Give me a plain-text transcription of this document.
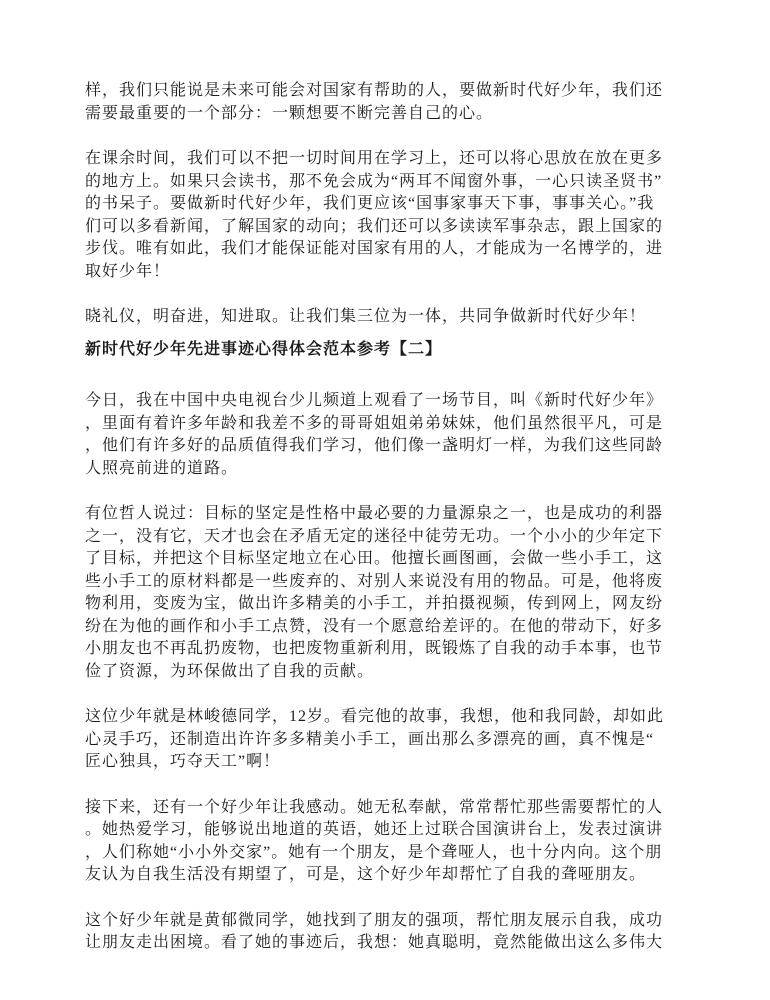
样，我们只能说是未来可能会对国家有帮助的人，要做新时代好少年，我们还需要最重要的一个部分：一颗想要不断完善自己的心。

在课余时间，我们可以不把一切时间用在学习上，还可以将心思放在放在更多的地方上。如果只会读书，那不免会成为“两耳不闻窗外事，一心只读圣贤书”的书呆子。要做新时代好少年，我们更应该“国事家事天下事，事事关心。”我们可以多看新闻，了解国家的动向；我们还可以多读读军事杂志，跟上国家的步伐。唯有如此，我们才能保证能对国家有用的人，才能成为一名博学的，进取好少年！

晓礼仪，明奋进，知进取。让我们集三位为一体，共同争做新时代好少年！

新时代好少年先进事迹心得体会范本参考【二】

今日，我在中国中央电视台少儿频道上观看了一场节目，叫《新时代好少年》，里面有着许多年龄和我差不多的哥哥姐姐弟弟妹妹，他们虽然很平凡，可是，他们有许多好的品质值得我们学习，他们像一盏明灯一样，为我们这些同龄人照亮前进的道路。

有位哲人说过：目标的坚定是性格中最必要的力量源泉之一，也是成功的利器之一，没有它，天才也会在矛盾无定的迷径中徒劳无功。一个小小的少年定下了目标，并把这个目标坚定地立在心田。他擅长画图画，会做一些小手工，这些小手工的原材料都是一些废弃的、对别人来说没有用的物品。可是，他将废物利用，变废为宝，做出许多精美的小手工，并拍摄视频，传到网上，网友纷纷在为他的画作和小手工点赞，没有一个愿意给差评的。在他的带动下，好多小朋友也不再乱扔废物，也把废物重新利用，既锻炼了自我的动手本事，也节俭了资源，为环保做出了自我的贡献。

这位少年就是林峻德同学，12岁。看完他的故事，我想，他和我同龄，却如此心灵手巧，还制造出许许多多精美小手工，画出那么多漂亮的画，真不愧是“匠心独具，巧夺天工”啊！

接下来，还有一个好少年让我感动。她无私奉献，常常帮忙那些需要帮忙的人。她热爱学习，能够说出地道的英语，她还上过联合国演讲台上，发表过演讲，人们称她“小小外交家”。她有一个朋友，是个聋哑人，也十分内向。这个朋友认为自我生活没有期望了，可是，这个好少年却帮忙了自我的聋哑朋友。

这个好少年就是黄郁微同学，她找到了朋友的强项，帮忙朋友展示自我，成功让朋友走出困境。看了她的事迹后，我想：她真聪明，竟然能做出这么多伟大
